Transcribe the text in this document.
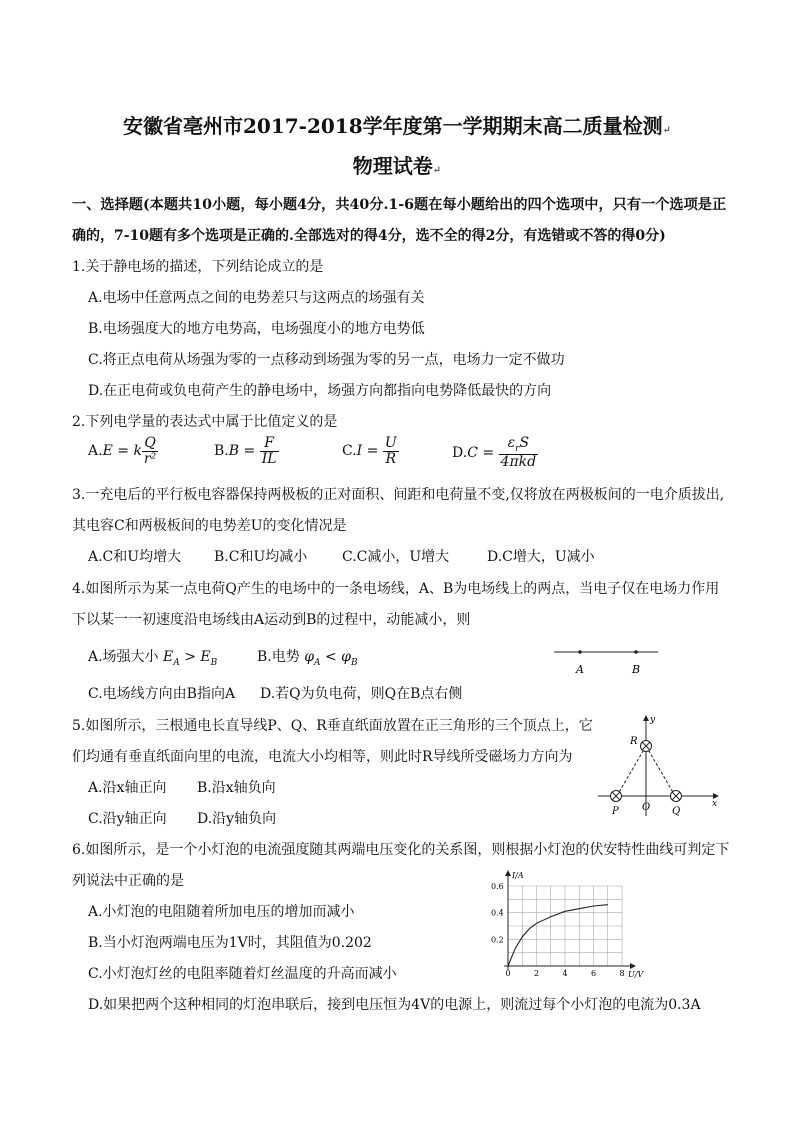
安徽省亳州市2017-2018学年度第一学期期末高二质量检测↵
物理试卷↵
一、选择题(本题共10小题，每小题4分，共40分.1-6题在每小题给出的四个选项中，只有一个选项是正
确的，7-10题有多个选项是正确的.全部选对的得4分，选不全的得2分，有选错或不答的得0分)
1.关于静电场的描述，下列结论成立的是
A.电场中任意两点之间的电势差只与这两点的场强有关
B.电场强度大的地方电势高，电场强度小的地方电势低
C.将正点电荷从场强为零的一点移动到场强为零的另一点，电场力一定不做功
D.在正电荷或负电荷产生的静电场中，场强方向都指向电势降低最快的方向
2.下列电学量的表达式中属于比值定义的是
A.E = k $\frac{Q}{\text{r²}}$	$B.B = \frac{F}{IL}$	$C.I = \frac{U}{R}$	$D.C = \frac{\varepsilon_rS}{\text{4πkd}}$
3.一充电后的平行板电容器保持两极板的正对面积、间距和电荷量不变,仅将放在两极板间的一电介质拔出,
其电容C和两极板间的电势差U的变化情况是
A.C和U均增大 B.C和U均减小 C.C减小，U增大	D.C增大，U减小
4.如图所示为某一点电荷Q产生的电场中的一条电场线，A、B为电场线上的两点，当电子仅在电场力作用
下以某一一初速度沿电场线由A运动到B的过程中，动能减小，则
A.场强大小 $E_A > E_B$	B.电势 $\varphi_A < \varphi_B$
C.电场线方向由B指向A D.若Q为负电荷，则Q在B点右侧
A	B
5.如图所示，三根通电长直导线P、Q、R垂直纸面放置在正三角形的三个顶点上，它
们均通有垂直纸面向里的电流，电流大小均相等，则此时R导线所受磁场力方向为
A.沿x轴正向 B.沿x轴负向
C.沿y轴正向 D.沿y轴负向
y
x
R
P O Q
6.如图所示，是一个小灯泡的电流强度随其两端电压变化的关系图，则根据小灯泡的伏安特性曲线可判定下
列说法中正确的是
A.小灯泡的电阻随着所加电压的增加而减小
B.当小灯泡两端电压为1V时，其阻值为0.202
C.小灯泡灯丝的电阻率随着灯丝温度的升高而减小
D.如果把两个这种相同的灯泡串联后，接到电压恒为4V的电源上，则流过每个小灯泡的电流为0.3A
0	2	4	6	8
0.2
0.4
0.6
U/V
I/A
